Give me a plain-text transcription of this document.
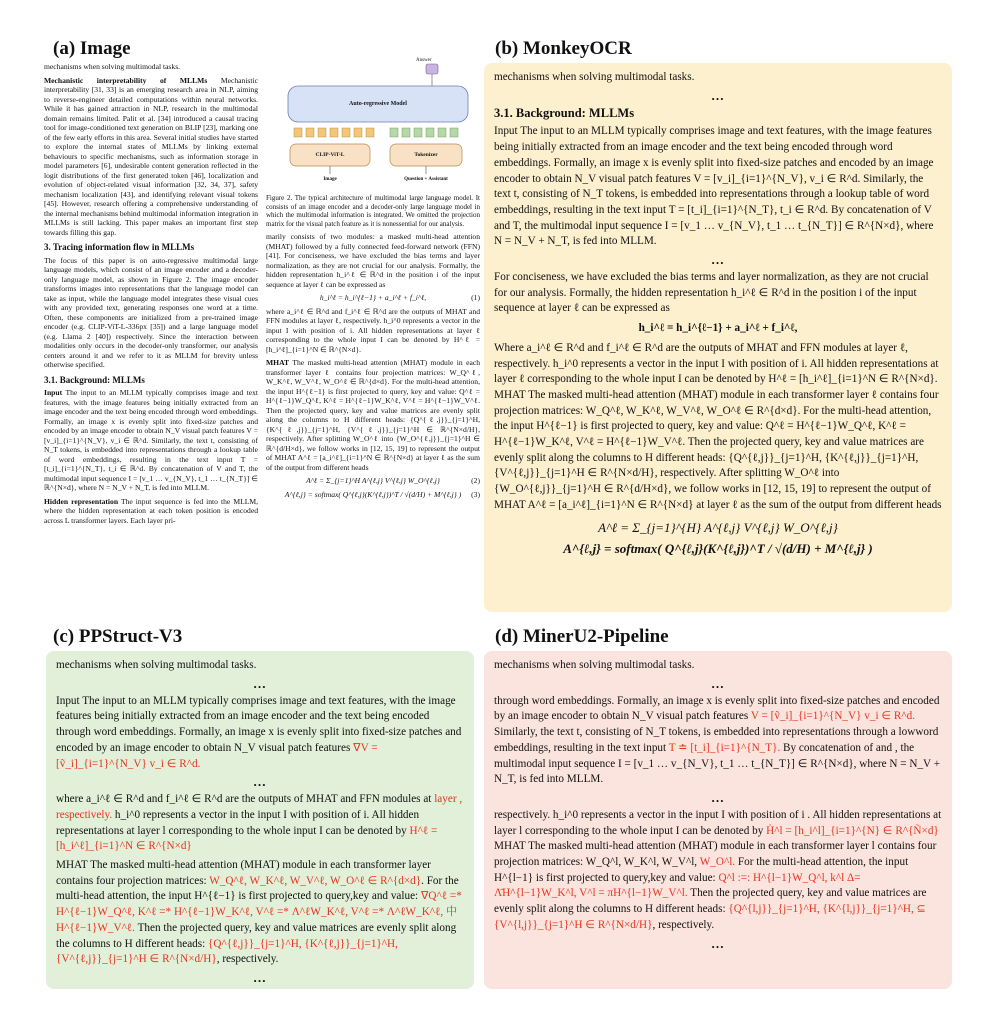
(a) Image	(b) MonkeyOCR
(c) PPStruct-V3	(d) MinerU2-Pipeline

mechanisms when solving multimodal tasks.

Mechanistic interpretability of MLLMs Mechanistic interpretability [31, 33] is an emerging research area in NLP, aiming to reverse-engineer detailed computations within neural networks. While it has gained attraction in NLP, research in the multimodal domain remains limited. Palit et al. [34] introduced a causal tracing tool for image-conditioned text generation on BLIP [23], marking one of the few early efforts in this area. Several initial studies have started to explore the internal states of MLLMs by linking external behaviours to specific mechanisms, such as information storage in model parameters [6], undesirable content generation reflected in the logit distributions of the first generated token [46], localization and evolution of object-related visual information [32, 34, 37], safety mechanism localization [43], and identifying relevant visual tokens [45]. However, research offering a comprehensive understanding of the internal mechanisms behind multimodal information integration in MLLMs is still lacking. This paper makes an important first step towards filling this gap.

3. Tracing information flow in MLLMs

The focus of this paper is on auto-regressive multimodal large language models, which consist of an image encoder and a decoder-only language model, as shown in Figure 2. The image encoder transforms images into representations that the language model can take as input, while the language model integrates these visual cues with any provided text, generating responses one word at a time. Often, these components are initialized from a pre-trained image encoder (e.g. CLIP-ViT-L-336px [35]) and a large language model (e.g. Llama 2 [40]) respectively. Since the interaction between modalities only occurs in the decoder-only transformer, our analysis centers around it and we refer to it as MLLM for brevity unless otherwise specified.

3.1. Background: MLLMs

Input The input to an MLLM typically comprises image and text features, with the image features being initially extracted from an image encoder and the text being encoded through word embeddings. Formally, an image x is evenly split into fixed-size patches and encoded by an image encoder to obtain N_V visual patch features V = [v_i]_{i=1}^{N_V}, v_i ∈ ℝ^d. Similarly, the text t, consisting of N_T tokens, is embedded into representations through a lookup table of word embeddings, resulting in the text input T = [t_i]_{i=1}^{N_T}, t_i ∈ ℝ^d. By concatenation of V and T, the multimodal input sequence I = [v_1 … v_{N_V}, t_1 … t_{N_T}] ∈ ℝ^{N×d}, where N = N_V + N_T, is fed into MLLM.

Hidden representation The input sequence is fed into the MLLM, where the hidden representation at each token position is encoded across L transformer layers. Each layer pri-

Answer
Auto-regressive Model
CLIP-ViT-L	Tokenizer
Image	Question + Assistant

Figure 2. The typical architecture of multimodal large language model. It consists of an image encoder and a decoder-only large language model in which the multimodal information is integrated. We omitted the projection matrix for the visual patch feature as it is nonessential for our analysis.

marily consists of two modules: a masked multi-head attention (MHAT) followed by a fully connected feed-forward network (FFN) [41]. For conciseness, we have excluded the bias terms and layer normalization, as they are not crucial for our analysis. Formally, the hidden representation h_i^ℓ ∈ ℝ^d in the position i of the input sequence at layer ℓ can be expressed as

h_i^ℓ = h_i^{ℓ−1} + a_i^ℓ + f_i^ℓ,	(1)

where a_i^ℓ ∈ ℝ^d and f_i^ℓ ∈ ℝ^d are the outputs of MHAT and FFN modules at layer ℓ, respectively. h_i^0 represents a vector in the input I with position of i. All hidden representations at layer ℓ corresponding to the whole input I can be denoted by H^ℓ = [h_i^ℓ]_{i=1}^N ∈ ℝ^{N×d}.

MHAT The masked multi-head attention (MHAT) module in each transformer layer ℓ contains four projection matrices: W_Q^ℓ, W_K^ℓ, W_V^ℓ, W_O^ℓ ∈ ℝ^{d×d}. For the multi-head attention, the input H^{ℓ−1} is first projected to query, key and value: Q^ℓ = H^{ℓ−1}W_Q^ℓ, K^ℓ = H^{ℓ−1}W_K^ℓ, V^ℓ = H^{ℓ−1}W_V^ℓ. Then the projected query, key and value matrices are evenly split along the columns to H different heads: {Q^{ℓ,j}}_{j=1}^H, {K^{ℓ,j}}_{j=1}^H, {V^{ℓ,j}}_{j=1}^H ∈ ℝ^{N×d/H}, respectively. After splitting W_O^ℓ into {W_O^{ℓ,j}}_{j=1}^H ∈ ℝ^{d/H×d}, we follow works in [12, 15, 19] to represent the output of MHAT A^ℓ = [a_i^ℓ]_{i=1}^N ∈ ℝ^{N×d} at layer ℓ as the sum of the output from different heads

A^ℓ = Σ_{j=1}^H A^{ℓ,j} V^{ℓ,j} W_O^{ℓ,j}	(2)
A^{ℓ,j} = softmax( Q^{ℓ,j}(K^{ℓ,j})^T / √(d/H) + M^{ℓ,j} ) (3)

mechanisms when solving multimodal tasks.

…
3.1. Background: MLLMs

Input The input to an MLLM typically comprises image and text features, with the image features being initially extracted from an image encoder and the text being encoded through word embeddings. Formally, an image x is evenly split into fixed-size patches and encoded by an image encoder to obtain N_V visual patch features V = [v_i]_{i=1}^{N_V}, v_i ∈ R^d. Similarly, the text t, consisting of N_T tokens, is embedded into representations through a lookup table of word embeddings, resulting in the text input T = [t_i]_{i=1}^{N_T}, t_i ∈ R^d. By concatenation of V and T, the multimodal input sequence I = [v_1 … v_{N_V}, t_1 … t_{N_T}] ∈ R^{N×d}, where N = N_V + N_T, is fed into MLLM.

…

For conciseness, we have excluded the bias terms and layer normalization, as they are not crucial for our analysis. Formally, the hidden representation h_i^ℓ ∈ R^d in the position i of the input sequence at layer ℓ can be expressed as

h_i^ℓ = h_i^{ℓ−1} + a_i^ℓ + f_i^ℓ,

Where a_i^ℓ ∈ R^d and f_i^ℓ ∈ R^d are the outputs of MHAT and FFN modules at layer ℓ, respectively. h_i^0 represents a vector in the input I with position of i. All hidden representations at layer ℓ corresponding to the whole input I can be denoted by H^ℓ = [h_i^ℓ]_{i=1}^N ∈ R^{N×d}. MHAT The masked multi-head attention (MHAT) module in each transformer layer ℓ contains four projection matrices: W_Q^ℓ, W_K^ℓ, W_V^ℓ, W_O^ℓ ∈ R^{d×d}. For the multi-head attention, the input H^{ℓ−1} is first projected to query, key and value: Q^ℓ = H^{ℓ−1}W_Q^ℓ, K^ℓ = H^{ℓ−1}W_K^ℓ, V^ℓ = H^{ℓ−1}W_V^ℓ. Then the projected query, key and value matrices are evenly split along the columns to H different heads: {Q^{ℓ,j}}_{j=1}^H, {K^{ℓ,j}}_{j=1}^H, {V^{ℓ,j}}_{j=1}^H ∈ R^{N×d/H}, respectively. After splitting W_O^ℓ into {W_O^{ℓ,j}}_{j=1}^H ∈ R^{d/H×d}, we follow works in [12, 15, 19] to represent the output of MHAT A^ℓ = [a_i^ℓ]_{i=1}^N ∈ R^{N×d} at layer ℓ as the sum of the output from different heads

A^ℓ = Σ_{j=1}^{H} A^{ℓ,j} V^{ℓ,j} W_O^{ℓ,j}
A^{ℓ,j} = softmax( Q^{ℓ,j}(K^{ℓ,j})^T / √(d/H) + M^{ℓ,j} )

mechanisms when solving multimodal tasks.

…

Input The input to an MLLM typically comprises image and text features, with the image features being initially extracted from an image encoder and the text being encoded through word embeddings. Formally, an image x is evenly split into fixed-size patches and encoded by an image encoder to obtain N_V visual patch features ∇V = [ṽ_i]_{i=1}^{N_V} v_i ∈ R^d.

…

where a_i^ℓ ∈ R^d and f_i^ℓ ∈ R^d are the outputs of MHAT and FFN modules at layer , respectively. h_i^0 represents a vector in the input I with position of i. All hidden representations at layer l corresponding to the whole input I can be denoted by H^ℓ = [h_i^ℓ]_{i=1}^N ∈ R^{N×d}

MHAT The masked multi-head attention (MHAT) module in each transformer layer contains four projection matrices: W_Q^ℓ, W_K^ℓ, W_V^ℓ, W_O^ℓ ∈ R^{d×d}. For the multi-head attention, the input H^{ℓ−1} is first projected to query,key and value: ∇Q^ℓ =* H^{ℓ−1}W_Q^ℓ, K^ℓ =* H^{ℓ−1}W_K^ℓ, V^ℓ =* Λ^ℓW_K^ℓ, V^ℓ =* Λ^ℓW_K^ℓ, 中 H^{ℓ−1}W_V^ℓ. Then the projected query, key and value matrices are evenly split along the columns to H different heads: {Q^{ℓ,j}}_{j=1}^H, {K^{ℓ,j}}_{j=1}^H, {V^{ℓ,j}}_{j=1}^H ∈ R^{N×d/H}, respectively.

…

mechanisms when solving multimodal tasks.

…

through word embeddings. Formally, an image x is evenly split into fixed-size patches and encoded by an image encoder to obtain N_V visual patch features V = [ṽ_i]_{i=1}^{N_V} v_i ∈ R^d. Similarly, the text t, consisting of N_T tokens, is embedded into representations through a lowword embeddings, resulting in the text input T ≐ [t_i]_{i=1}^{N_T}. By concatenation of and , the multimodal input sequence I = [v_1 … v_{N_V}, t_1 … t_{N_T}] ∈ R^{N×d}, where N = N_V + N_T, is fed into MLLM.

…

respectively. h_i^0 represents a vector in the input I with position of i . All hidden representations at layer l corresponding to the whole input I can be denoted by Ḣ^l = [h_i^l]_{i=1}^{N} ∈ R^{Ñ×d}
MHAT The masked multi-head attention (MHAT) module in each transformer layer l contains four projection matrices: W_Q^l, W_K^l, W_V^l, W_O^l. For the multi-head attention, the input H^{l−1} is first projected to query,key and value: Q^l :=: H^{l−1}W_Q^l, k^l Δ= Λ̄H^{l−1}W_K^l, V^l = πH^{l−1}W_V^l. Then the projected query, key and value matrices are evenly split along the columns to H different heads: {Q^{l,j}}_{j=1}^H, {K^{l,j}}_{j=1}^H, ⊆ {V^{l,j}}_{j=1}^H ∈ R^{N×d/H}, respectively.

…
